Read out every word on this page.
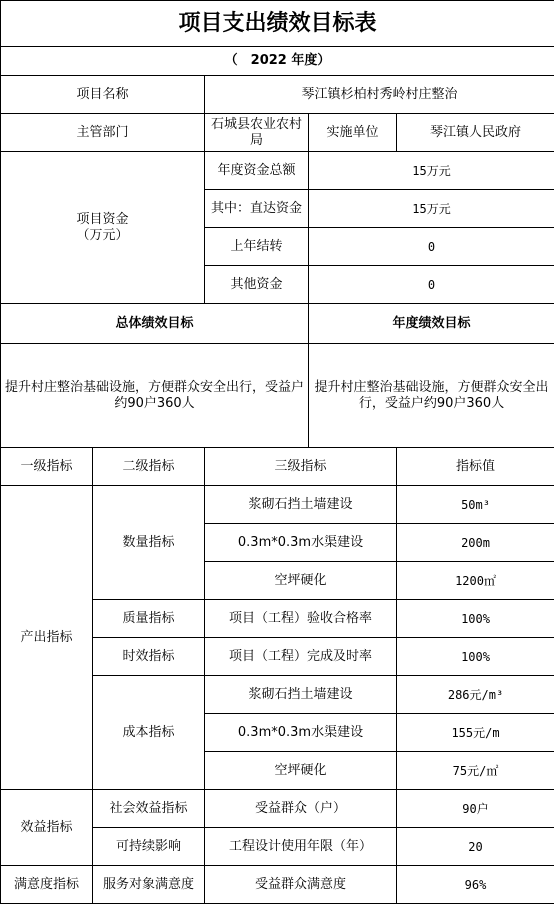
项目支出绩效目标表				
（　2022 年度）				
项目名称		琴江镇杉柏村秀岭村庄整治		
主管部门		石城县农业农村局	实施单位	琴江镇人民政府
项目资金
（万元）		年度资金总额	15万元	
		其中：直达资金	15万元	
		上年结转	0	
		其他资金	0	
总体绩效目标			年度绩效目标	
提升村庄整治基础设施，方便群众安全出行，受益户约90户360人			提升村庄整治基础设施，方便群众安全出行，受益户约90户360人	
一级指标	二级指标	三级指标		指标值
产出指标	数量指标	浆砌石挡土墙建设		50m³
		0.3m*0.3m水渠建设		200m
		空坪硬化		1200㎡
	质量指标	项目（工程）验收合格率		100%
	时效指标	项目（工程）完成及时率		100%
	成本指标	浆砌石挡土墙建设		286元/m³
		0.3m*0.3m水渠建设		155元/m
		空坪硬化		75元/㎡
效益指标	社会效益指标	受益群众（户）		90户
	可持续影响	工程设计使用年限（年）		20
满意度指标	服务对象满意度	受益群众满意度		96%
